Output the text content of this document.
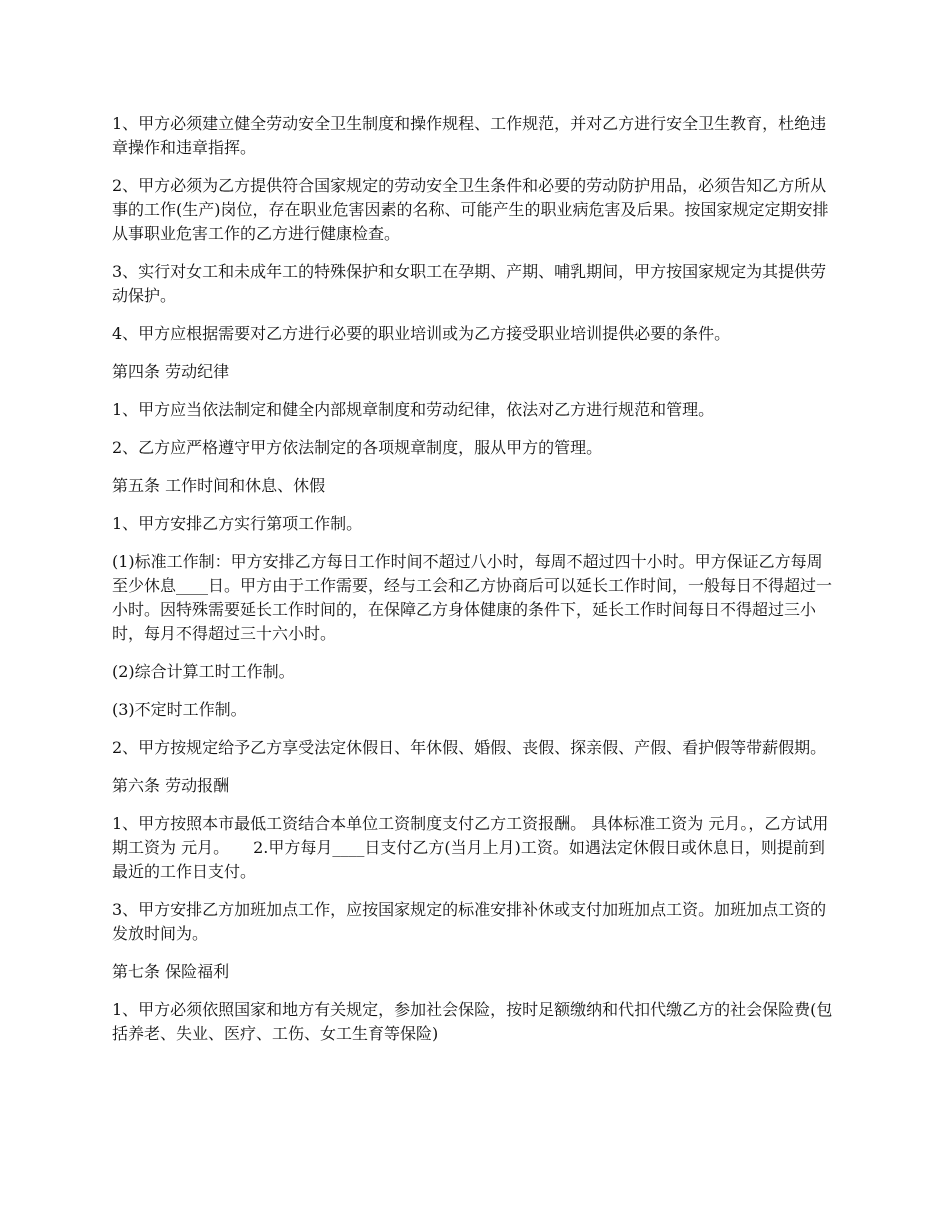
1、甲方必须建立健全劳动安全卫生制度和操作规程、工作规范，并对乙方进行安全卫生教育，杜绝违章操作和违章指挥。

2、甲方必须为乙方提供符合国家规定的劳动安全卫生条件和必要的劳动防护用品，必须告知乙方所从事的工作(生产)岗位，存在职业危害因素的名称、可能产生的职业病危害及后果。按国家规定定期安排从事职业危害工作的乙方进行健康检查。

3、实行对女工和未成年工的特殊保护和女职工在孕期、产期、哺乳期间，甲方按国家规定为其提供劳动保护。

4、甲方应根据需要对乙方进行必要的职业培训或为乙方接受职业培训提供必要的条件。

第四条 劳动纪律

1、甲方应当依法制定和健全内部规章制度和劳动纪律，依法对乙方进行规范和管理。

2、乙方应严格遵守甲方依法制定的各项规章制度，服从甲方的管理。

第五条 工作时间和休息、休假

1、甲方安排乙方实行第项工作制。

(1)标准工作制：甲方安排乙方每日工作时间不超过八小时，每周不超过四十小时。甲方保证乙方每周至少休息____日。甲方由于工作需要，经与工会和乙方协商后可以延长工作时间，一般每日不得超过一小时。因特殊需要延长工作时间的，在保障乙方身体健康的条件下，延长工作时间每日不得超过三小时，每月不得超过三十六小时。

(2)综合计算工时工作制。

(3)不定时工作制。

2、甲方按规定给予乙方享受法定休假日、年休假、婚假、丧假、探亲假、产假、看护假等带薪假期。

第六条 劳动报酬

1、甲方按照本市最低工资结合本单位工资制度支付乙方工资报酬。 具体标准工资为 元月。，乙方试用期工资为 元月。　　2.甲方每月____日支付乙方(当月上月)工资。如遇法定休假日或休息日，则提前到最近的工作日支付。

3、甲方安排乙方加班加点工作，应按国家规定的标准安排补休或支付加班加点工资。加班加点工资的发放时间为。

第七条 保险福利

1、甲方必须依照国家和地方有关规定，参加社会保险，按时足额缴纳和代扣代缴乙方的社会保险费(包括养老、失业、医疗、工伤、女工生育等保险)
